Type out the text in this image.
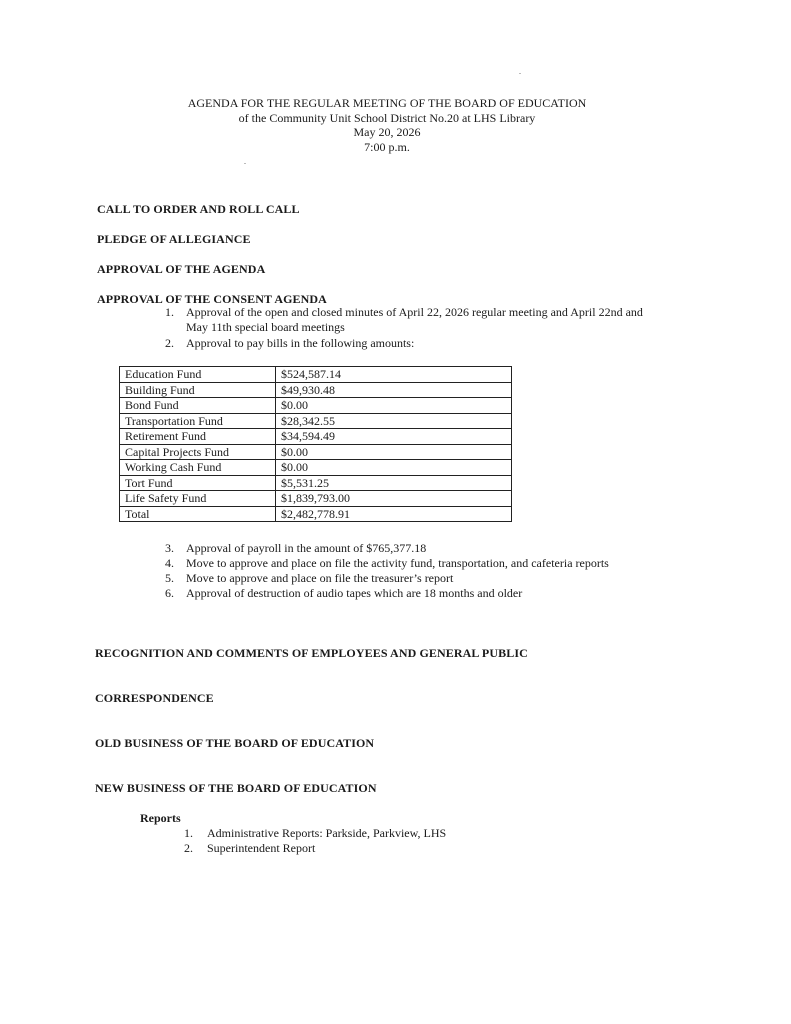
AGENDA FOR THE REGULAR MEETING OF THE BOARD OF EDUCATION
of the Community Unit School District No.20 at LHS Library
May 20, 2026
7:00 p.m.
CALL TO ORDER AND ROLL CALL
PLEDGE OF ALLEGIANCE
APPROVAL OF THE AGENDA
APPROVAL OF THE CONSENT AGENDA
1. Approval of the open and closed minutes of April 22, 2026 regular meeting and April 22nd and
May 11th special board meetings
2. Approval to pay bills in the following amounts:
Education Fund	$524,587.14
Building Fund	$49,930.48
Bond Fund	$0.00
Transportation Fund	$28,342.55
Retirement Fund	$34,594.49
Capital Projects Fund	$0.00
Working Cash Fund	$0.00
Tort Fund	$5,531.25
Life Safety Fund	$1,839,793.00
Total	$2,482,778.91
3. Approval of payroll in the amount of $765,377.18
4. Move to approve and place on file the activity fund, transportation, and cafeteria reports
5. Move to approve and place on file the treasurer’s report
6. Approval of destruction of audio tapes which are 18 months and older
RECOGNITION AND COMMENTS OF EMPLOYEES AND GENERAL PUBLIC
CORRESPONDENCE
OLD BUSINESS OF THE BOARD OF EDUCATION
NEW BUSINESS OF THE BOARD OF EDUCATION
Reports
1. Administrative Reports: Parkside, Parkview, LHS
2. Superintendent Report
